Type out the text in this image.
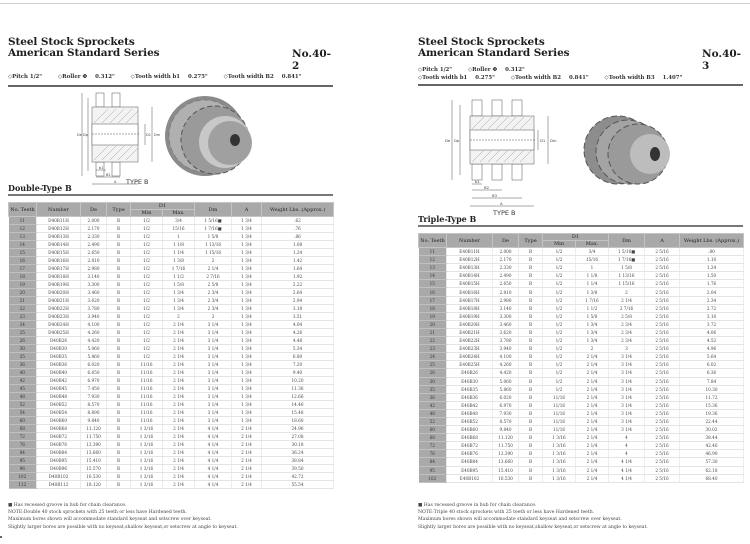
Steel Stock Sprockets
American Standard Series	No.40-2
◇Pitch 1/2"	◇Roller Φ 0.312"	◇Tooth width b1 0.275"	◇Tooth width B2 0.841"
De Dp	D1 Dm
b1
B2
A TYPE B
Double-Type B
No. Teeth	Number	De	Type	D1		Dm	A	Weight Lbs. (Approx.)
				Min	Max.			
11	D40B11H	2.000	B	1/2	3/4	1 5/16■	1 3/4	.62
12	D40B12H	2.170	B	1/2	15/16	1 7/16■	1 3/4	.76
13	D40B13H	2.330	B	1/2	1	1 5/8	1 3/4	.86
14	D40B14H	2.490	B	1/2	1 1/8	1 13/16	1 3/4	1.08
15	D40B15H	2.650	B	1/2	1 1/4	1 15/16	1 3/4	1.24
16	D40B16H	2.810	B	1/2	1 3/8	2	1 3/4	1.42
17	D40B17H	2.980	B	1/2	1 7/16	2 1/4	1 3/4	1.64
18	D40B18H	3.140	B	1/2	1 1/2	2 7/16	1 3/4	1.92
19	D40B19H	3.300	B	1/2	1 5/8	2 5/8	1 3/4	2.22
20	D40B20H	3.460	B	1/2	1 3/4	2 3/4	1 3/4	2.64
21	D40B21H	3.620	B	1/2	1 3/4	2 3/4	1 3/4	2.94
22	D40B22H	3.780	B	1/2	1 3/4	2 3/4	1 3/4	3.18
23	D40B23H	3.940	B	1/2	2	3	1 3/4	3.51
24	D40B24H	4.100	B	1/2	2 1/4	3 1/4	1 3/4	4.04
25	D40B25H	4.260	B	1/2	2 1/4	3 1/4	1 3/4	4.26
26	D40B26	4.420	B	1/2	2 1/4	3 1/4	1 3/4	4.48
30	D40B30	5.060	B	1/2	2 1/4	3 1/4	1 3/4	5.34
35	D40B35	5.860	B	1/2	2 1/4	3 1/4	1 3/4	6.80
36	D40B36	6.020	B	11/16	2 1/4	3 1/4	1 3/4	7.20
40	D40B40	6.650	B	11/16	2 1/4	3 1/4	1 3/4	9.40
42	D40B42	6.970	B	11/16	2 1/4	3 1/4	1 3/4	10.20
45	D40B45	7.450	B	11/16	2 1/4	3 1/4	1 3/4	11.36
48	D40B48	7.930	B	11/16	2 1/4	3 1/4	1 3/4	12.66
52	D40B52	8.570	B	11/16	2 1/4	3 1/4	1 3/4	14.46
54	D40B54	8.890	B	11/16	2 1/4	3 1/4	1 3/4	15.48
60	D40B60	9.840	B	11/16	2 1/4	3 1/4	1 3/4	18.60
68	D40B68	11.120	B	1 3/16	2 1/4	4 1/4	2 1/4	24.96
72	D40B72	11.750	B	1 3/16	2 1/4	4 1/4	2 1/4	27.08
76	D40B76	12.390	B	1 3/16	2 1/4	4 1/4	2 1/4	30.18
84	D40B84	13.660	B	1 3/16	2 1/4	4 1/4	2 1/4	36.24
95	D40B95	15.410	B	1 3/16	2 1/4	4 1/4	2 1/4	38.84
96	D40B96	15.570	B	1 3/16	2 1/4	4 1/4	2 1/4	39.50
102	D40B102	16.530	B	1 3/16	2 1/4	4 1/4	2 1/4	42.72
112	D40B112	18.120	B	1 3/16	2 1/4	4 1/4	2 1/4	55.54
■ Has recessed groove in hub for chain clearance.
NOTE:Double 40 stock sprockets with 25 teeth or less have Hardened teeth.
Maximum bores shown will accommodate standard keyseat and setscrew over keyseat.
Slightly larger bores are possible with no keyseat,shallow keyseat,or setscrew at angle to keyseat.
Steel Stock Sprockets
American Standard Series	No.40-3
◇Pitch 1/2"	◇Roller Φ 0.312"
◇Tooth width b1 0.275"	◇Tooth width B2 0.841"	◇Tooth width B3 1.407"
De Dp	D1 Dm
b1
B2
B3
A
TYPE B
Triple-Type B
No. Teeth	Number	De	Type	D1		Dm	A	Weight Lbs. (Approx.)
				Min	Max.			
11	E40B11H	2.000	B	1/2	3/4	1 5/16■	2 5/16	.80
12	E40B12H	2.170	B	1/2	15/16	1 7/16■	2 5/16	1.10
13	E40B13H	2.330	B	1/2	1	1 5/8	2 5/16	1.24
14	E40B14H	2.490	B	1/2	1 1/8	1 13/16	2 5/16	1.50
15	E40B15H	2.650	B	1/2	1 1/4	1 15/16	2 5/16	1.76
16	E40B16H	2.810	B	1/2	1 3/8	2	2 5/16	2.04
17	E40B17H	2.980	B	1/2	1 7/16	2 1/4	2 5/16	2.34
18	E40B18H	3.140	B	1/2	1 1/2	2 7/16	2 5/16	2.72
19	E40B19H	3.300	B	1/2	1 5/8	2 5/8	2 5/16	3.10
20	E40B20H	3.460	B	1/2	1 3/4	2 3/4	2 5/16	3.72
21	E40B21H	3.620	B	1/2	1 3/4	2 3/4	2 5/16	4.06
22	E40B22H	3.780	B	1/2	1 3/4	2 3/4	2 5/16	4.52
23	E40B23H	3.940	B	1/2	2	3	2 5/16	4.96
24	E40B24H	4.100	B	1/2	2 1/4	3 1/4	2 5/16	5.64
25	E40B25H	4.260	B	1/2	2 1/4	3 1/4	2 5/16	6.02
26	E40B26	4.420	B	1/2	2 1/4	3 1/4	2 5/16	6.36
30	E40B30	5.060	B	1/2	2 1/4	3 1/4	2 5/16	7.84
35	E40B35	5.860	B	1/2	2 1/4	3 1/4	2 5/16	10.30
36	E40B36	6.020	B	11/16	2 1/4	3 1/4	2 5/16	11.72
42	E40B42	6.970	B	11/16	2 1/4	3 1/4	2 5/16	15.36
48	E40B48	7.930	B	11/16	2 1/4	3 1/4	2 5/16	19.36
52	E40B52	8.570	B	11/16	2 1/4	3 1/4	2 5/16	22.44
60	E40B60	9.840	B	11/16	2 1/4	3 1/4	2 5/16	30.02
68	E40B68	11.120	B	1 3/16	2 1/4	4	2 5/16	38.44
72	E40B72	11.750	B	1 3/16	2 1/4	4	2 5/16	42.46
76	E40B76	12.390	B	1 3/16	2 1/4	4	2 5/16	46.90
84	E40B84	13.660	B	1 3/16	2 1/4	4 1/4	2 5/16	57.30
95	E40B95	15.410	B	1 3/16	2 1/4	4 1/4	2 5/16	62.18
102	E40B102	16.530	B	1 3/16	2 1/4	4 1/4	2 5/16	68.40
■ Has recessed groove in hub for chain clearance.
NOTE:Triple 40 stock sprockets with 25 teeth or less have Hardened teeth.
Maximum bores shown will accommodate standard keyseat and setscrew over keyseat.
Slightly larger bores are possible with no keyseat,shallow keyseat,or setscrew at angle to keyseat.
